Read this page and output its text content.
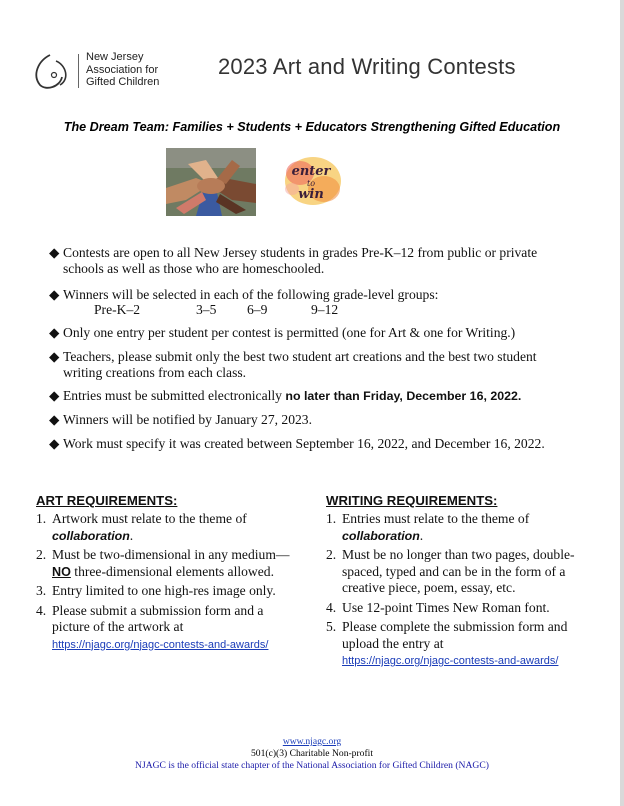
New Jersey
Association for
Gifted Children
2023 Art and Writing Contests
The Dream Team: Families + Students + Educators Strengthening Gifted Education
enter
to
win
◆ Contests are open to all New Jersey students in grades Pre-K–12 from public or private schools as well as those who are homeschooled.
◆ Winners will be selected in each of the following grade-level groups:
◆ Only one entry per student per contest is permitted (one for Art & one for Writing.)
◆ Teachers, please submit only the best two student art creations and the best two student writing creations from each class.
◆ Entries must be submitted electronically no later than Friday, December 16, 2022.
◆ Winners will be notified by January 27, 2023.
◆ Work must specify it was created between September 16, 2022, and December 16, 2022.
Pre-K–2	3–5 6–9	9–12
ART REQUIREMENTS:
1. Artwork must relate to the theme of collaboration.
2. Must be two-dimensional in any medium—NO three-dimensional elements allowed.
3. Entry limited to one high-res image only.
4. Please submit a submission form and a picture of the artwork at
https://njagc.org/njagc-contests-and-awards/
WRITING REQUIREMENTS:
1. Entries must relate to the theme of collaboration.
2. Must be no longer than two pages, double-spaced, typed and can be in the form of a creative piece, poem, essay, etc.
4. Use 12-point Times New Roman font.
5. Please complete the submission form and upload the entry at
https://njagc.org/njagc-contests-and-awards/
www.njagc.org
501(c)(3) Charitable Non-profit
NJAGC is the official state chapter of the National Association for Gifted Children (NAGC)
